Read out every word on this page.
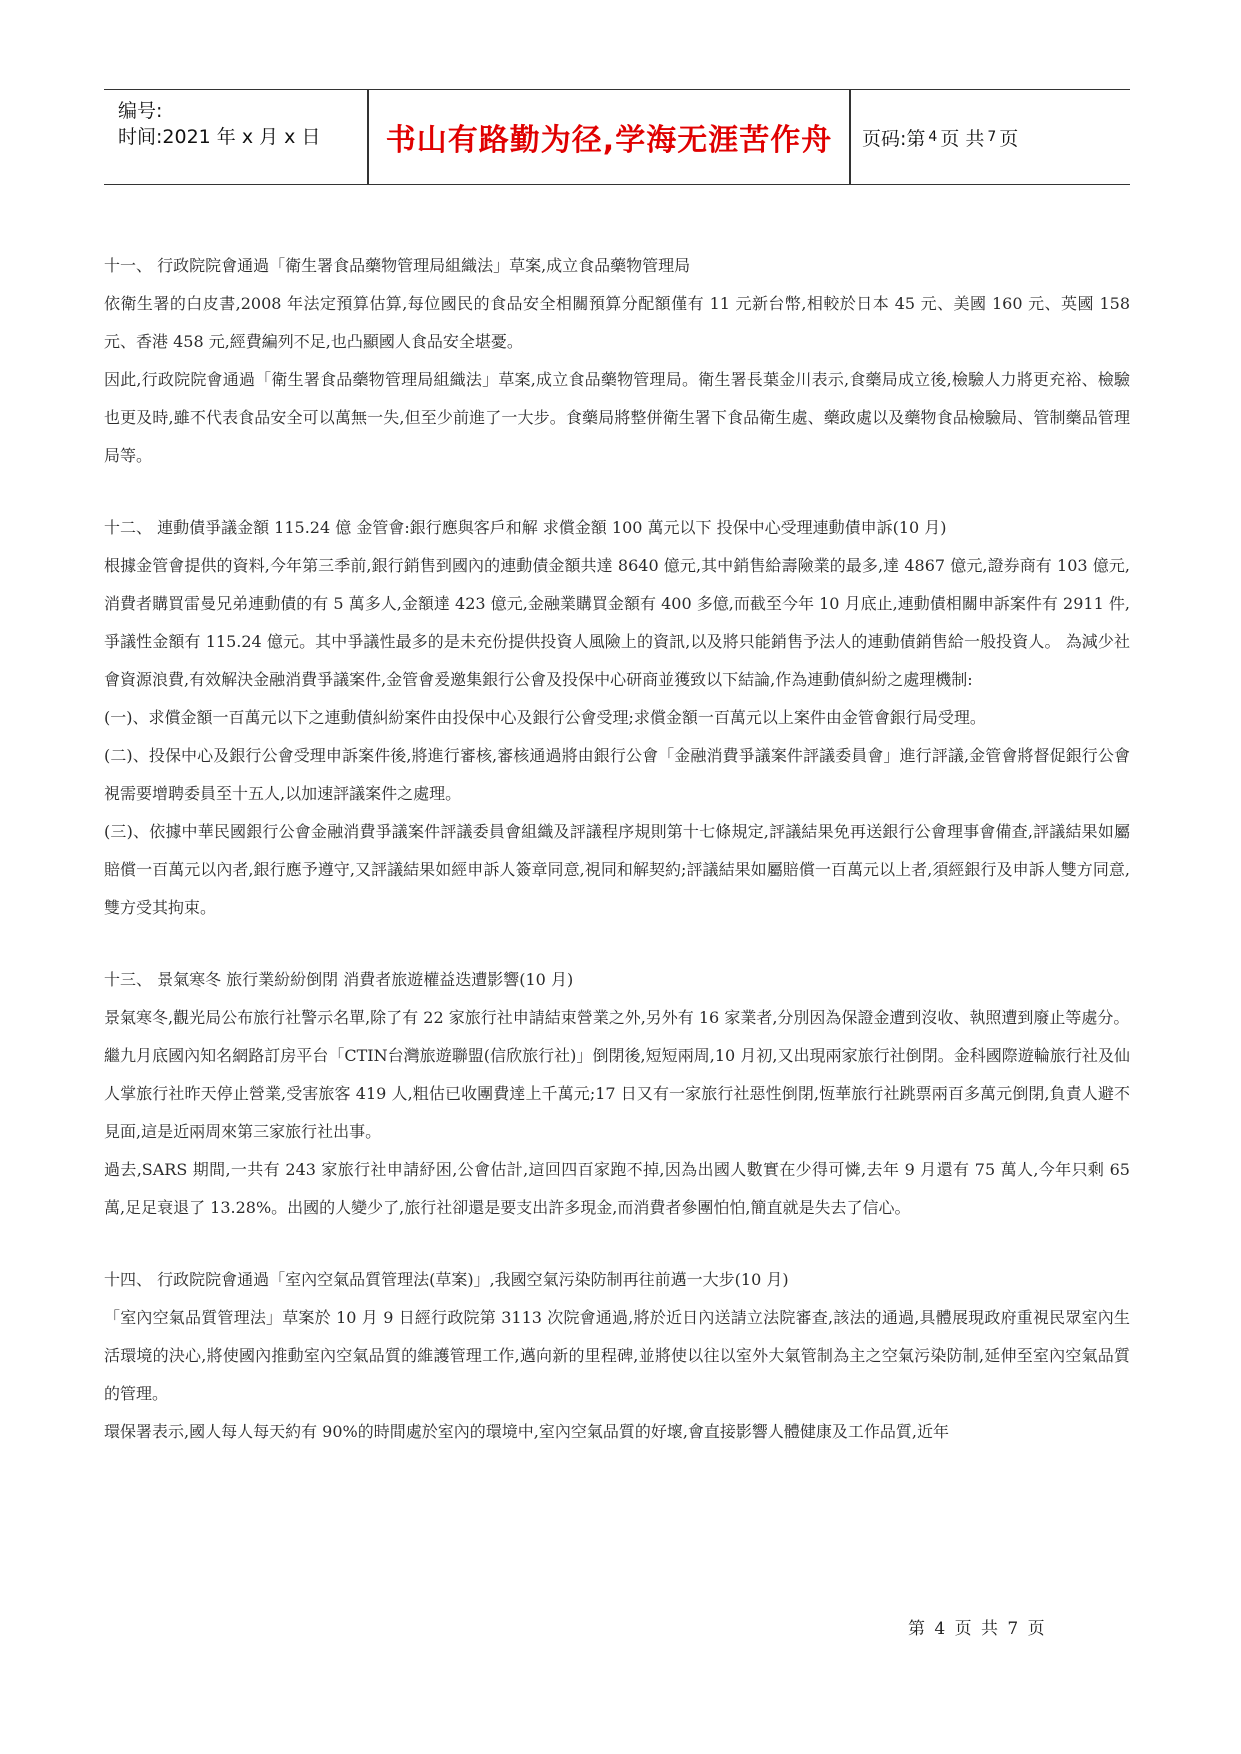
编号:
时间:2021 年 x 月 x 日	书山有路勤为径,学海无涯苦作舟	页码:第 4 页 共 7 页

十一、 行政院院會通過「衛生署食品藥物管理局組織法」草案,成立食品藥物管理局

依衛生署的白皮書,2008 年法定預算估算,每位國民的食品安全相關預算分配額僅有 11 元新台幣,相較於日本 45 元、美國 160 元、英國 158 元、香港 458 元,經費編列不足,也凸顯國人食品安全堪憂。

因此,行政院院會通過「衛生署食品藥物管理局組織法」草案,成立食品藥物管理局。衛生署長葉金川表示,食藥局成立後,檢驗人力將更充裕、檢驗也更及時,雖不代表食品安全可以萬無一失,但至少前進了一大步。食藥局將整併衛生署下食品衛生處、藥政處以及藥物食品檢驗局、管制藥品管理局等。

十二、 連動債爭議金額 115.24 億 金管會:銀行應與客戶和解 求償金額 100 萬元以下 投保中心受理連動債申訴(10 月)

根據金管會提供的資料,今年第三季前,銀行銷售到國內的連動債金額共達 8640 億元,其中銷售給壽險業的最多,達 4867 億元,證券商有 103 億元,消費者購買雷曼兄弟連動債的有 5 萬多人,金額達 423 億元,金融業購買金額有 400 多億,而截至今年 10 月底止,連動債相關申訴案件有 2911 件,爭議性金額有 115.24 億元。其中爭議性最多的是未充份提供投資人風險上的資訊,以及將只能銷售予法人的連動債銷售給一般投資人。 為減少社會資源浪費,有效解決金融消費爭議案件,金管會爰邀集銀行公會及投保中心研商並獲致以下結論,作為連動債糾紛之處理機制:

(一)、求償金額一百萬元以下之連動債糾紛案件由投保中心及銀行公會受理;求償金額一百萬元以上案件由金管會銀行局受理。

(二)、投保中心及銀行公會受理申訴案件後,將進行審核,審核通過將由銀行公會「金融消費爭議案件評議委員會」進行評議,金管會將督促銀行公會視需要增聘委員至十五人,以加速評議案件之處理。

(三)、依據中華民國銀行公會金融消費爭議案件評議委員會組織及評議程序規則第十七條規定,評議結果免再送銀行公會理事會備查,評議結果如屬賠償一百萬元以內者,銀行應予遵守,又評議結果如經申訴人簽章同意,視同和解契約;評議結果如屬賠償一百萬元以上者,須經銀行及申訴人雙方同意,雙方受其拘束。

十三、 景氣寒冬 旅行業紛紛倒閉 消費者旅遊權益迭遭影響(10 月)

景氣寒冬,觀光局公布旅行社警示名單,除了有 22 家旅行社申請結束營業之外,另外有 16 家業者,分別因為保證金遭到沒收、執照遭到廢止等處分。

繼九月底國內知名網路訂房平台「CTIN台灣旅遊聯盟(信欣旅行社)」倒閉後,短短兩周,10 月初,又出現兩家旅行社倒閉。金科國際遊輪旅行社及仙人掌旅行社昨天停止營業,受害旅客 419 人,粗估已收團費達上千萬元;17 日又有一家旅行社惡性倒閉,恆華旅行社跳票兩百多萬元倒閉,負責人避不見面,這是近兩周來第三家旅行社出事。

過去,SARS 期間,一共有 243 家旅行社申請紓困,公會估計,這回四百家跑不掉,因為出國人數實在少得可憐,去年 9 月還有 75 萬人,今年只剩 65 萬,足足衰退了 13.28%。出國的人變少了,旅行社卻還是要支出許多現金,而消費者參團怕怕,簡直就是失去了信心。

十四、 行政院院會通過「室內空氣品質管理法(草案)」,我國空氣污染防制再往前邁一大步(10 月)

「室內空氣品質管理法」草案於 10 月 9 日經行政院第 3113 次院會通過,將於近日內送請立法院審查,該法的通過,具體展現政府重視民眾室內生活環境的決心,將使國內推動室內空氣品質的維護管理工作,邁向新的里程碑,並將使以往以室外大氣管制為主之空氣污染防制,延伸至室內空氣品質的管理。

環保署表示,國人每人每天約有 90%的時間處於室內的環境中,室內空氣品質的好壞,會直接影響人體健康及工作品質,近年

第 4 页 共 7 页
